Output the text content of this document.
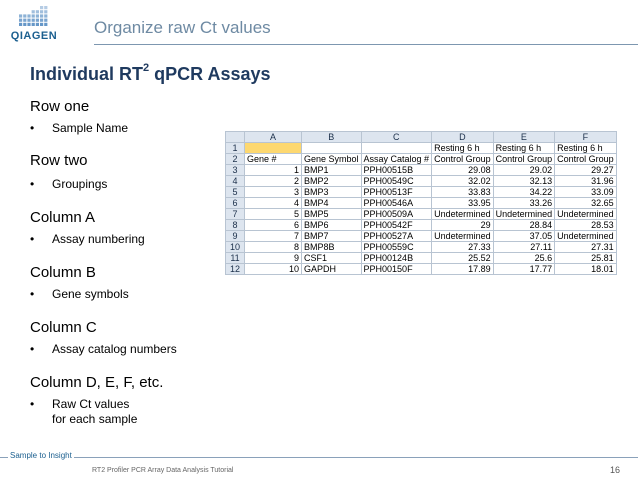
QIAGEN Organize raw Ct values
Individual $RT^2$ qPCR Assays
Row one
• Sample Name
Row two
• Groupings
Column A
• Assay numbering
Column B
• Gene symbols
Column C
• Assay catalog numbers
Column D, E, F, etc.
• Raw Ct values
for each sample
	A	B	C	D	E	F
1				Resting 6 h	Resting 6 h	Resting 6 h
2	Gene #	Gene Symbol	Assay Catalog #	Control Group	Control Group	Control Group
3	1	BMP1	PPH00515B	29.08	29.02	29.27
4	2	BMP2	PPH00549C	32.02	32.13	31.96
5	3	BMP3	PPH00513F	33.83	34.22	33.09
6	4	BMP4	PPH00546A	33.95	33.26	32.65
7	5	BMP5	PPH00509A	Undetermined	Undetermined	Undetermined
8	6	BMP6	PPH00542F	29	28.84	28.53
9	7	BMP7	PPH00527A	Undetermined	37.05	Undetermined
10	8	BMP8B	PPH00559C	27.33	27.11	27.31
11	9	CSF1	PPH00124B	25.52	25.6	25.81
12	10	GAPDH	PPH00150F	17.89	17.77	18.01
Sample to Insight
RT2 Profiler PCR Array Data Analysis Tutorial	16
